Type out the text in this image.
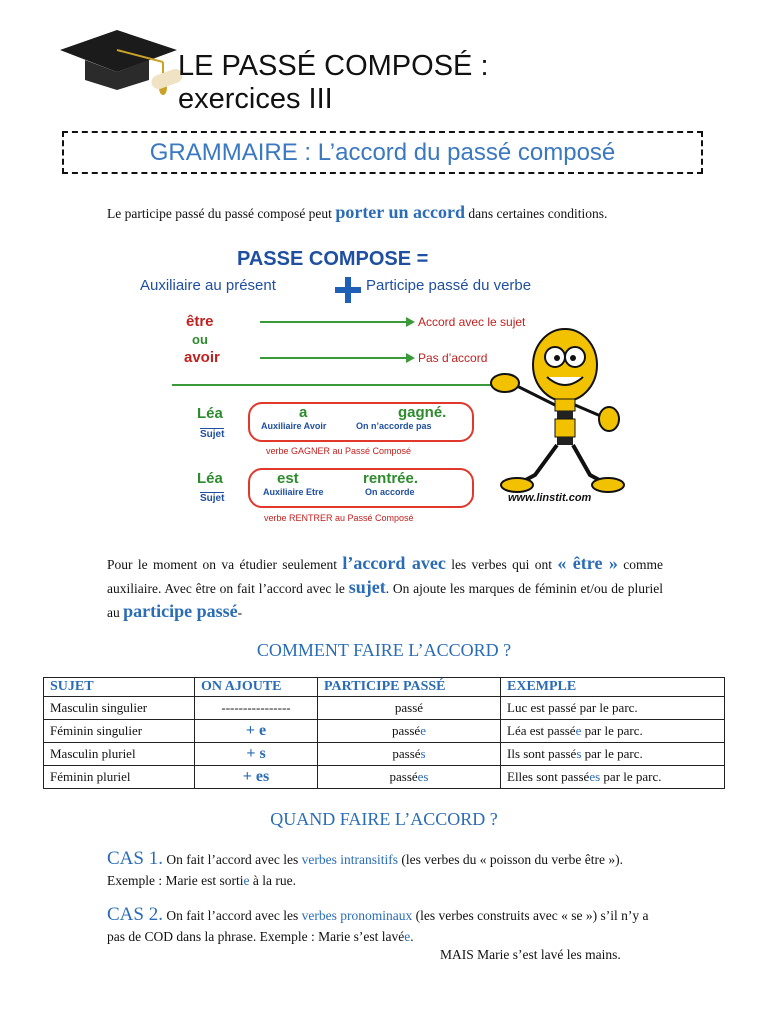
LE PASSÉ COMPOSÉ :
exercices III
GRAMMAIRE : L’accord du passé composé
Le participe passé du passé composé peut porter un accord dans certaines conditions.
PASSE COMPOSE =
Auxiliaire au présent	Participe passé du verbe
être
ou
avoir
Accord avec le sujet
Pas d’accord
Léa
Sujet
a	gagné.
Auxiliaire Avoir	On n’accorde pas
verbe GAGNER au Passé Composé
Léa
Sujet
est	rentrée.
Auxiliaire Etre	On accorde
verbe RENTRER au Passé Composé
www.linstit.com
Pour le moment on va étudier seulement l’accord avec les verbes qui ont « être » comme auxiliaire. Avec être on fait l’accord avec le sujet. On ajoute les marques de féminin et/ou de pluriel au participe passé-
COMMENT FAIRE L’ACCORD ?
SUJET	ON AJOUTE	PARTICIPE PASSÉ	EXEMPLE
Masculin singulier	----------------	passé	Luc est passé par le parc.
Féminin singulier	+ e	passée	Léa est passée par le parc.
Masculin pluriel	+ s	passés	Ils sont passés par le parc.
Féminin pluriel	+ es	passées	Elles sont passées par le parc.
QUAND FAIRE L’ACCORD ?
CAS 1. On fait l’accord avec les verbes intransitifs (les verbes du « poisson du verbe être »). Exemple : Marie est sortie à la rue.
CAS 2. On fait l’accord avec les verbes pronominaux (les verbes construits avec « se ») s’il n’y a pas de COD dans la phrase. Exemple : Marie s’est lavée.
MAIS Marie s’est lavé les mains.
